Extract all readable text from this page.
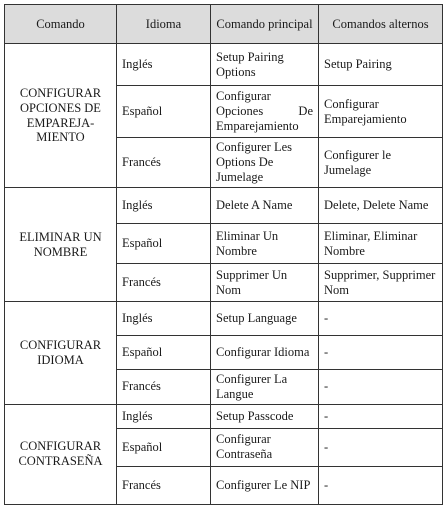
Comando	Idioma	Comando principal	Comandos alternos
CONFIGURAR OPCIONES DE EMPAREJA-MIENTO	Inglés	Setup Pairing Options	Setup Pairing
	Español	Configurar Opciones De Emparejamiento	Configurar Emparejamiento
	Francés	Configurer Les Options De Jumelage	Configurer le Jumelage
ELIMINAR UN NOMBRE	Inglés	Delete A Name	Delete, Delete Name
	Español	Eliminar Un Nombre	Eliminar, Eliminar Nombre
	Francés	Supprimer Un Nom	Supprimer, Supprimer Nom
CONFIGURAR IDIOMA	Inglés	Setup Language	-
	Español	Configurar Idioma	-
	Francés	Configurer La Langue	-
CONFIGURAR CONTRASEÑA	Inglés	Setup Passcode	-
	Español	Configurar Contraseña	-
	Francés	Configurer Le NIP	-
